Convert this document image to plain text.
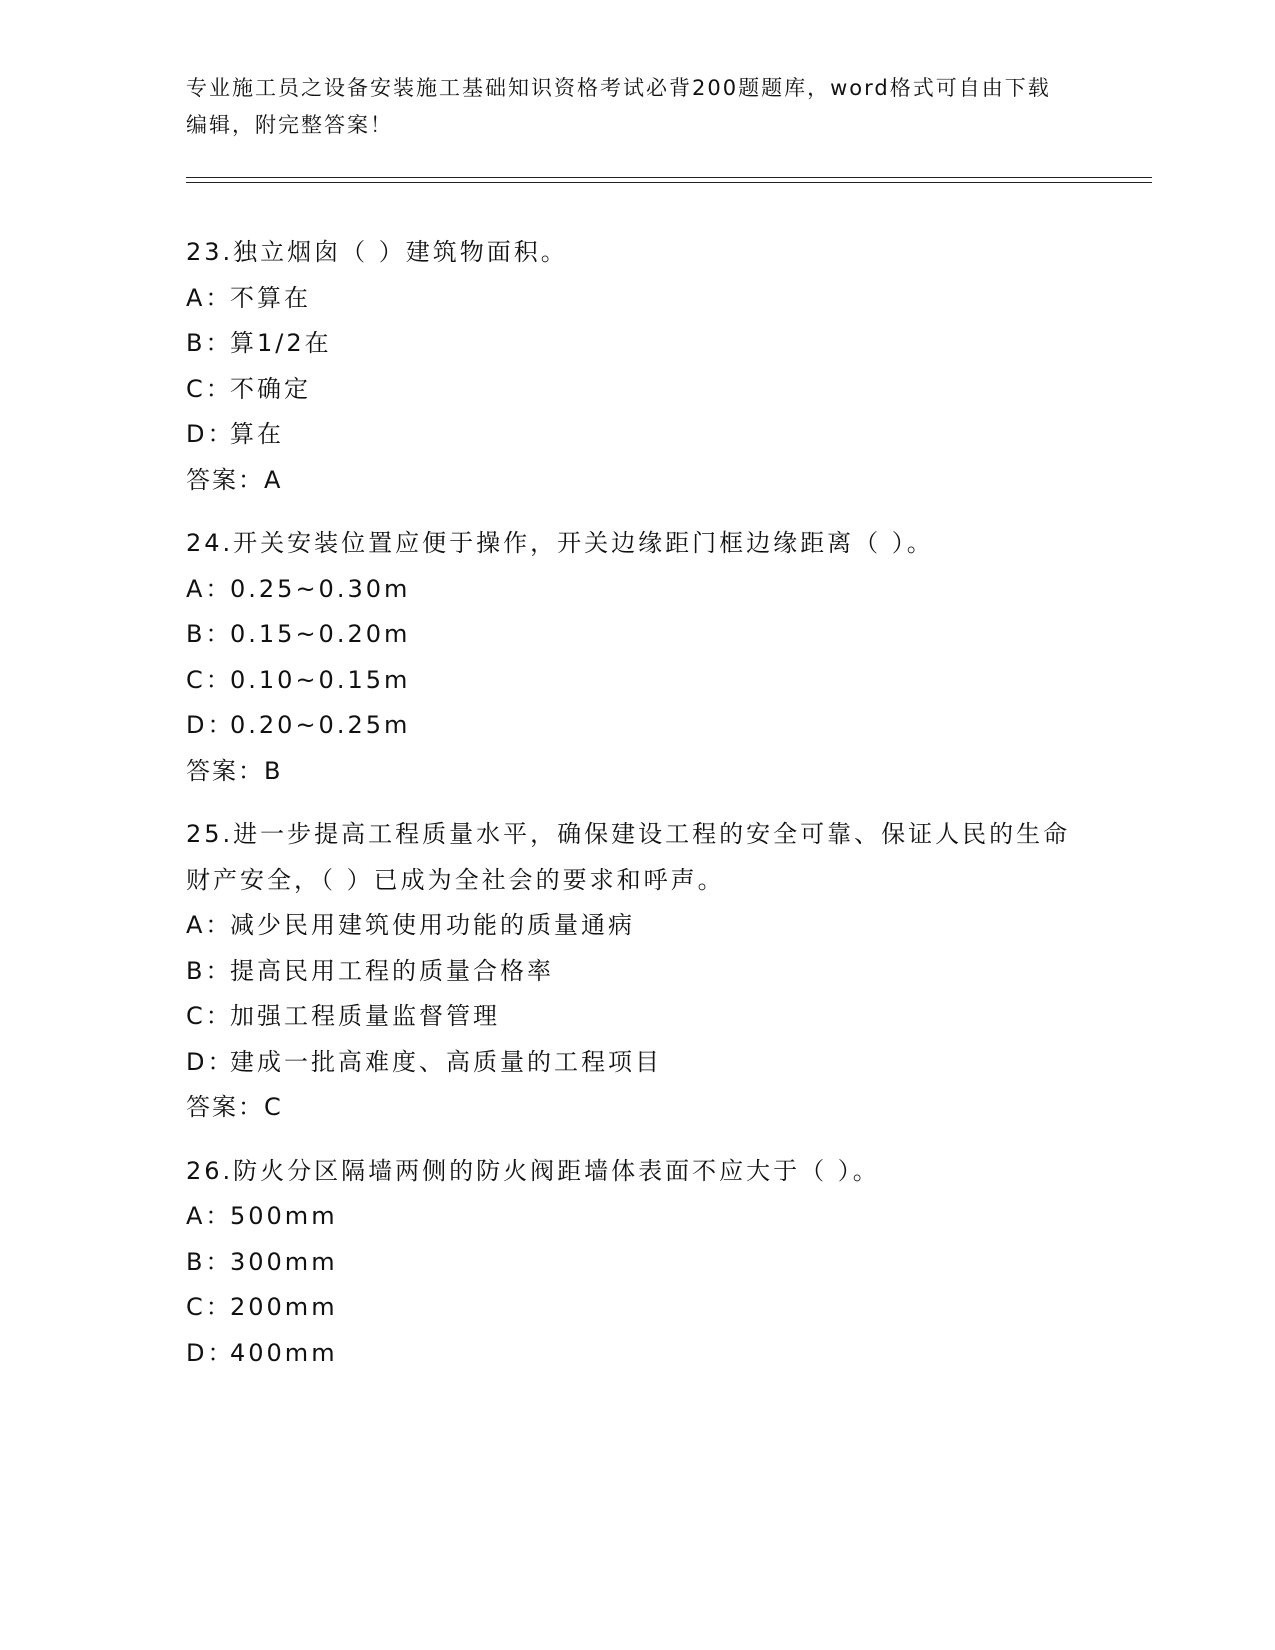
专业施工员之设备安装施工基础知识资格考试必背200题题库，word格式可自由下载编辑，附完整答案！
23.独立烟囱（ ）建筑物面积。
A：不算在
B：算1/2在
C：不确定
D：算在
答案：A
24.开关安装位置应便于操作，开关边缘距门框边缘距离（ ）。
A：0.25~0.30m
B：0.15~0.20m
C：0.10~0.15m
D：0.20~0.25m
答案：B
25.进一步提高工程质量水平，确保建设工程的安全可靠、保证人民的生命财产安全，（ ）已成为全社会的要求和呼声。
A：减少民用建筑使用功能的质量通病
B：提高民用工程的质量合格率
C：加强工程质量监督管理
D：建成一批高难度、高质量的工程项目
答案：C
26.防火分区隔墙两侧的防火阀距墙体表面不应大于（ ）。
A：500mm
B：300mm
C：200mm
D：400mm
